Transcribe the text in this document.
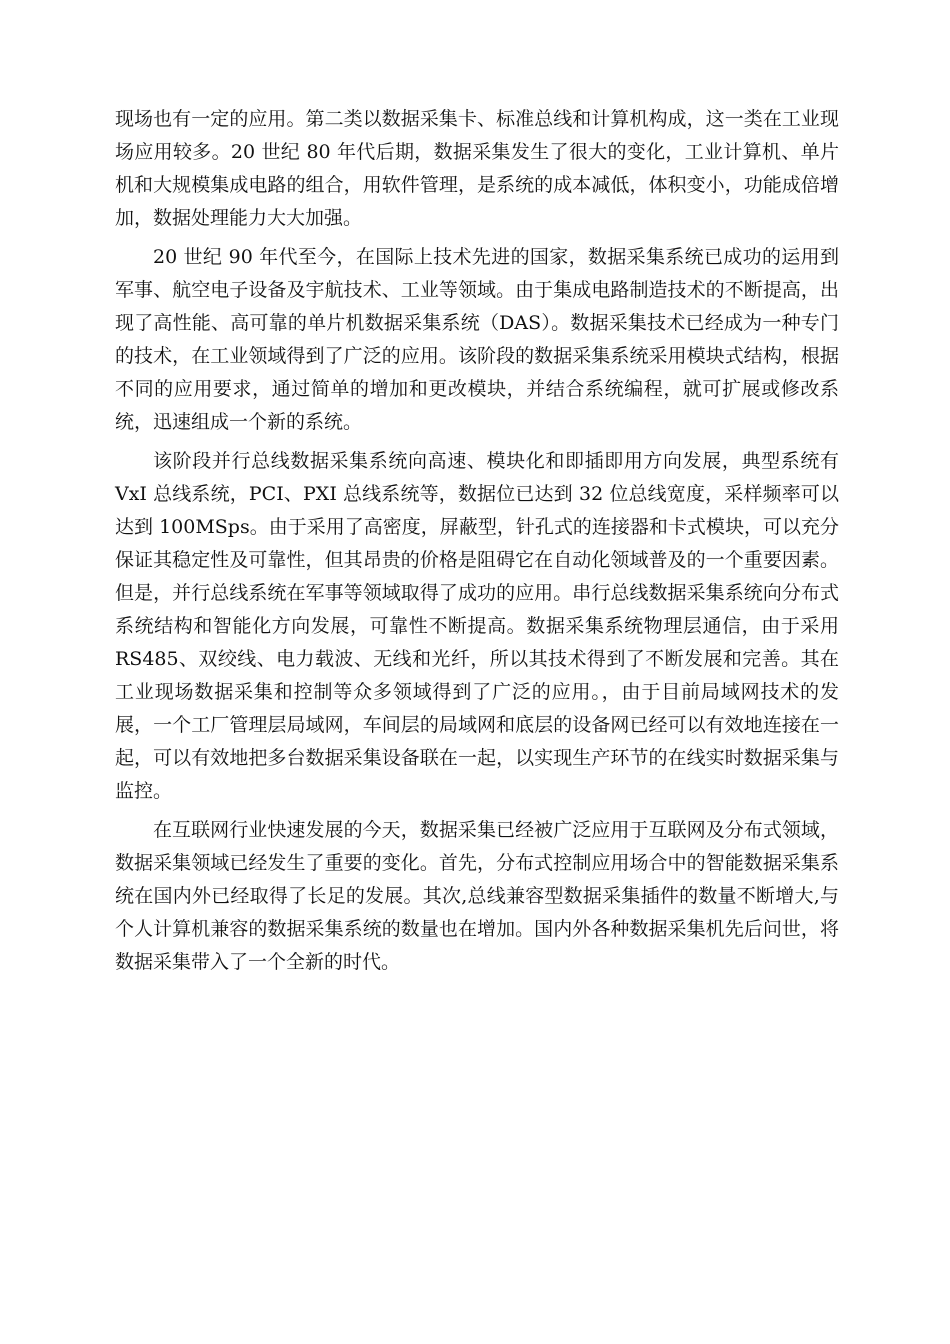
现场也有一定的应用。第二类以数据采集卡、标准总线和计算机构成，这一类在工业现场应用较多。20 世纪 80 年代后期，数据采集发生了很大的变化，工业计算机、单片机和大规模集成电路的组合，用软件管理，是系统的成本减低，体积变小，功能成倍增加，数据处理能力大大加强。

20 世纪 90 年代至今，在国际上技术先进的国家，数据采集系统已成功的运用到军事、航空电子设备及宇航技术、工业等领域。由于集成电路制造技术的不断提高，出现了高性能、高可靠的单片机数据采集系统（DAS）。数据采集技术已经成为一种专门的技术，在工业领域得到了广泛的应用。该阶段的数据采集系统采用模块式结构，根据不同的应用要求，通过简单的增加和更改模块，并结合系统编程，就可扩展或修改系统，迅速组成一个新的系统。

该阶段并行总线数据采集系统向高速、模块化和即插即用方向发展，典型系统有 VxI 总线系统，PCI、PXI 总线系统等，数据位已达到 32 位总线宽度，采样频率可以达到 100MSps。由于采用了高密度，屏蔽型，针孔式的连接器和卡式模块，可以充分保证其稳定性及可靠性，但其昂贵的价格是阻碍它在自动化领域普及的一个重要因素。但是，并行总线系统在军事等领域取得了成功的应用。串行总线数据采集系统向分布式系统结构和智能化方向发展，可靠性不断提高。数据采集系统物理层通信，由于采用 RS485、双绞线、电力载波、无线和光纤，所以其技术得到了不断发展和完善。其在工业现场数据采集和控制等众多领域得到了广泛的应用。，由于目前局域网技术的发展，一个工厂管理层局域网，车间层的局域网和底层的设备网已经可以有效地连接在一起，可以有效地把多台数据采集设备联在一起，以实现生产环节的在线实时数据采集与监控。

在互联网行业快速发展的今天，数据采集已经被广泛应用于互联网及分布式领域，数据采集领域已经发生了重要的变化。首先，分布式控制应用场合中的智能数据采集系统在国内外已经取得了长足的发展。其次,总线兼容型数据采集插件的数量不断增大,与个人计算机兼容的数据采集系统的数量也在增加。国内外各种数据采集机先后问世，将数据采集带入了一个全新的时代。
